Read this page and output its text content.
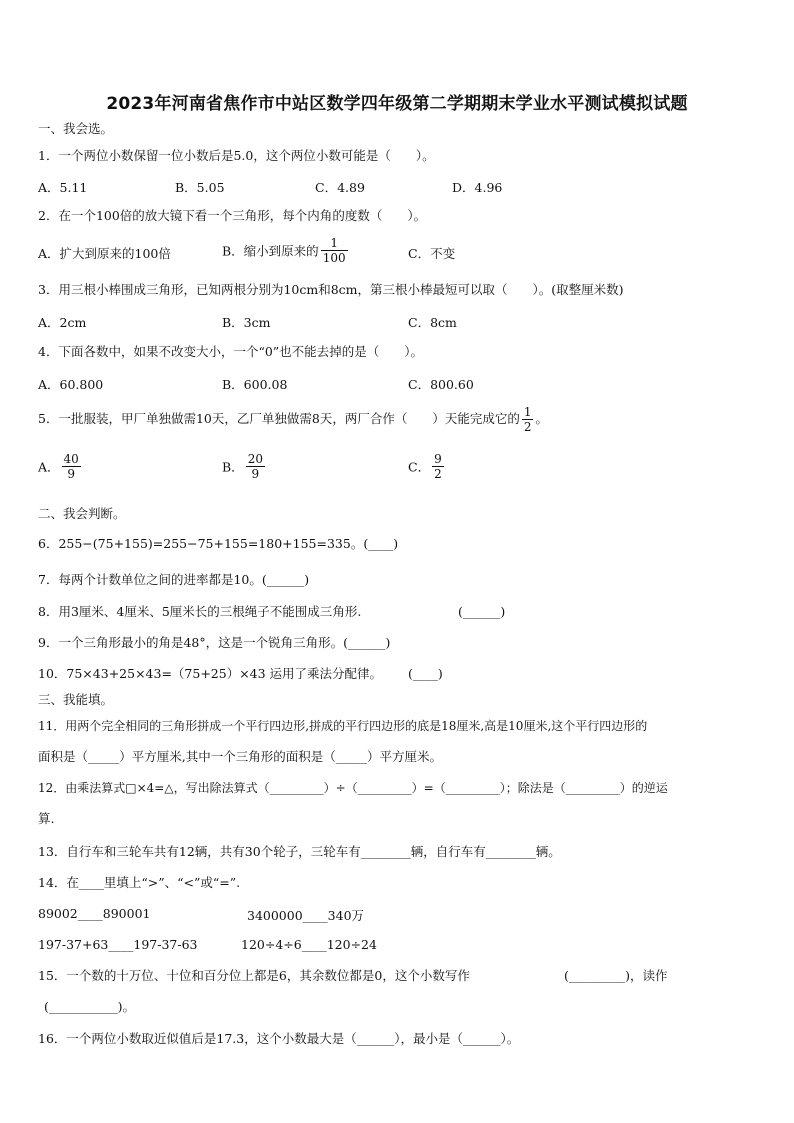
2023年河南省焦作市中站区数学四年级第二学期期末学业水平测试模拟试题
一、我会选。
1．一个两位小数保留一位小数后是5.0，这个两位小数可能是（　　）。
A．5.11	B．5.05	C．4.89	D．4.96
2．在一个100倍的放大镜下看一个三角形，每个内角的度数（　　）。
A．扩大到原来的100倍	B．缩小到原来的 $\frac{1}{100}$	C．不变
3．用三根小棒围成三角形，已知两根分别为10cm和8cm，第三根小棒最短可以取（　　）。(取整厘米数)
A．2cm	B．3cm	C．8cm
4．下面各数中，如果不改变大小，一个“0”也不能去掉的是（　　）。
A．60.800	B．600.08	C．800.60
5．一批服装，甲厂单独做需10天，乙厂单独做需8天，两厂合作（　　）天能完成它的 $\frac{1}{2}$ 。
A． $\frac{40}{9}$	B． $\frac{20}{9}$	C． $\frac{9}{2}$
二、我会判断。
6．255−(75+155)=255−75+155=180+155=335。(____)
7．每两个计数单位之间的进率都是10。(______)
8．用3厘米、4厘米、5厘米长的三根绳子不能围成三角形.	(______)
9．一个三角形最小的角是48°，这是一个锐角三角形。(______)
10．75×43+25×43=（75+25）×43 运用了乘法分配律。 (____)
三、我能填。
11．用两个完全相同的三角形拼成一个平行四边形,拼成的平行四边形的底是18厘米,高是10厘米,这个平行四边形的
面积是（_____）平方厘米,其中一个三角形的面积是（_____）平方厘米。
12．由乘法算式□×4=△，写出除法算式（_________）÷（_________）=（_________）；除法是（_________）的逆运
算.
13．自行车和三轮车共有12辆，共有30个轮子，三轮车有________辆，自行车有________辆。
14．在____里填上“>”、“<”或“=”.
89002____890001	3400000____340万
197-37+63____197-37-63	120÷4÷6____120÷24
15．一个数的十万位、十位和百分位上都是6，其余数位都是0，这个小数写作	(_________)，读作
(___________)。
16．一个两位小数取近似值后是17.3，这个小数最大是（______），最小是（______）。
